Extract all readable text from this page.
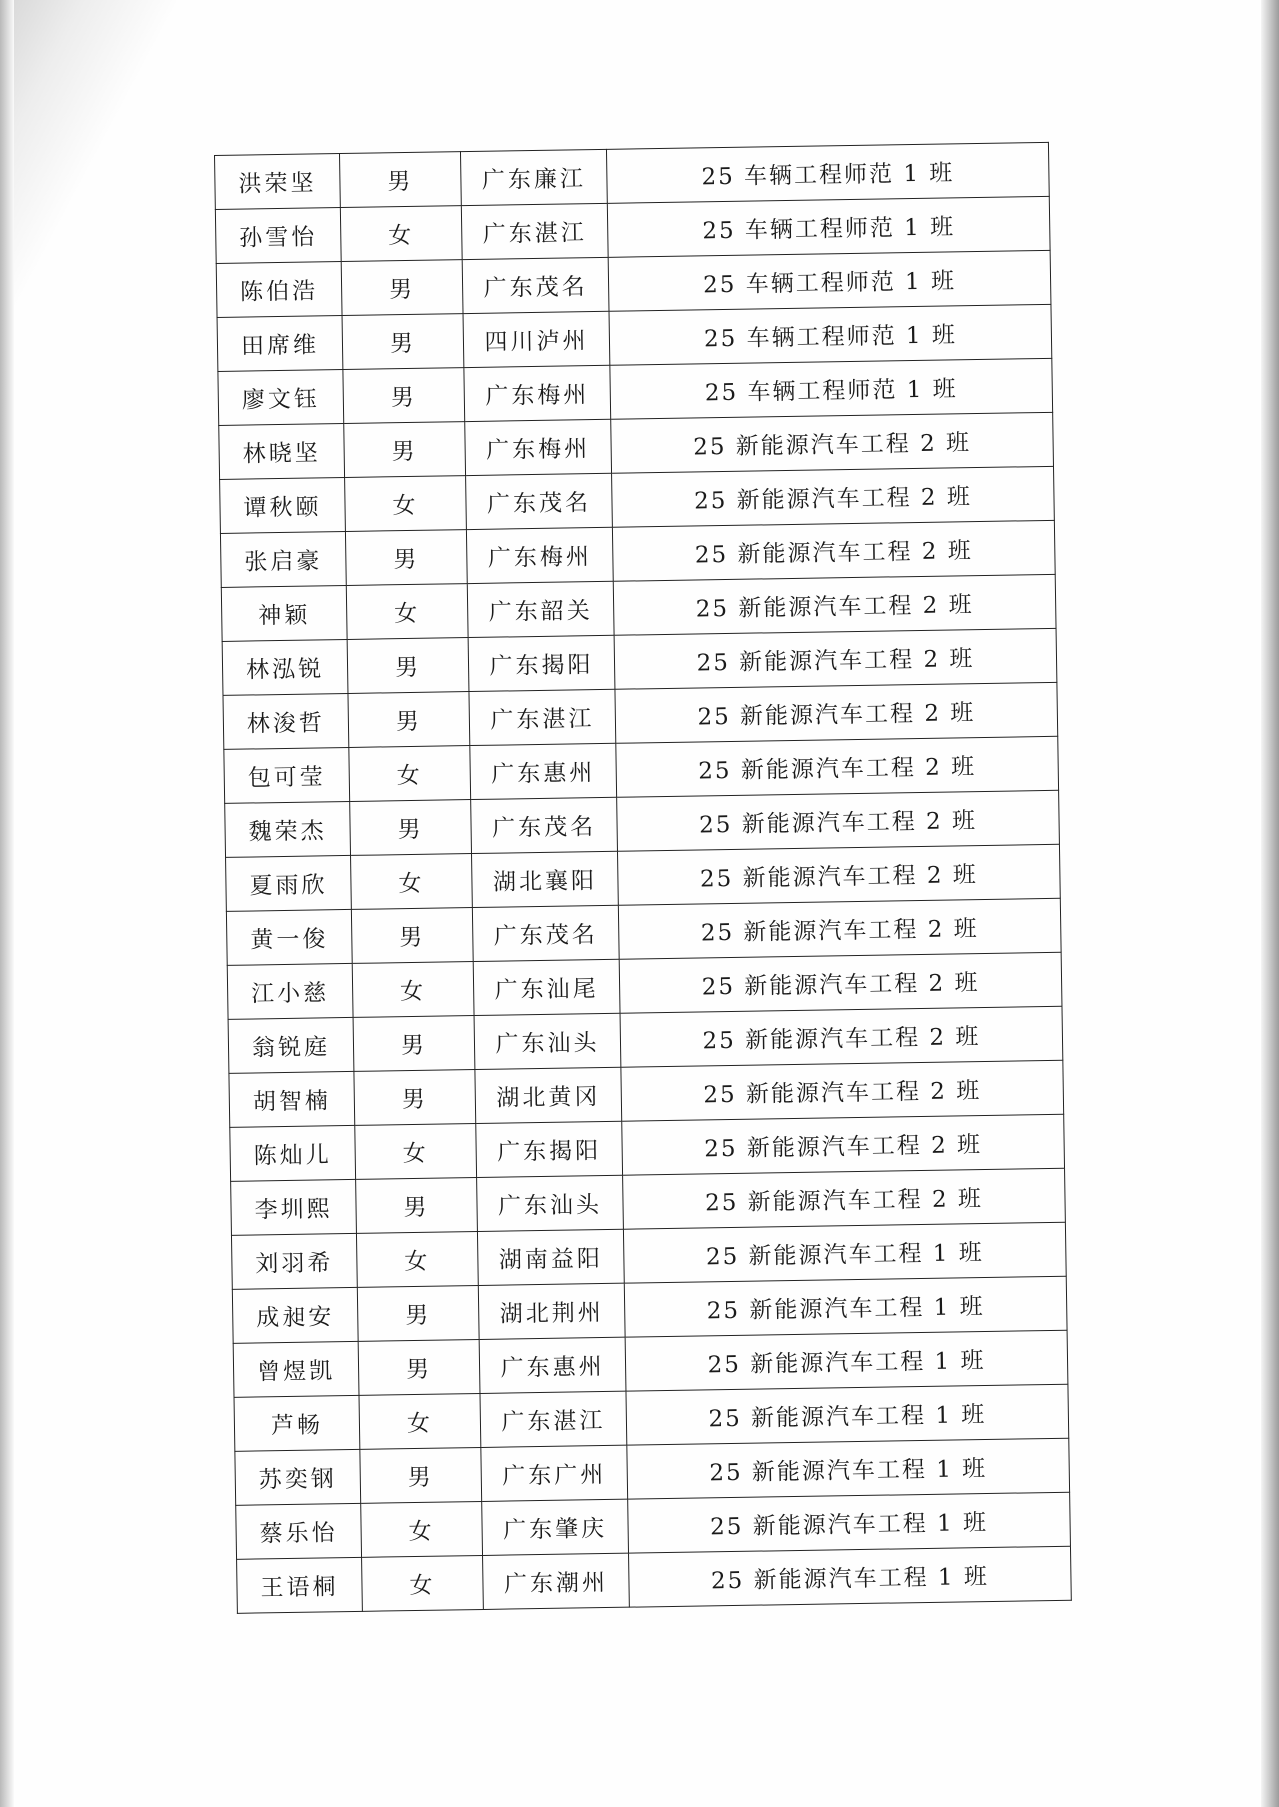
洪荣坚	男	广东廉江	25 车辆工程师范 1 班
孙雪怡	女	广东湛江	25 车辆工程师范 1 班
陈伯浩	男	广东茂名	25 车辆工程师范 1 班
田席维	男	四川泸州	25 车辆工程师范 1 班
廖文钰	男	广东梅州	25 车辆工程师范 1 班
林晓坚	男	广东梅州	25 新能源汽车工程 2 班
谭秋颐	女	广东茂名	25 新能源汽车工程 2 班
张启豪	男	广东梅州	25 新能源汽车工程 2 班
神颖	女	广东韶关	25 新能源汽车工程 2 班
林泓锐	男	广东揭阳	25 新能源汽车工程 2 班
林浚哲	男	广东湛江	25 新能源汽车工程 2 班
包可莹	女	广东惠州	25 新能源汽车工程 2 班
魏荣杰	男	广东茂名	25 新能源汽车工程 2 班
夏雨欣	女	湖北襄阳	25 新能源汽车工程 2 班
黄一俊	男	广东茂名	25 新能源汽车工程 2 班
江小慈	女	广东汕尾	25 新能源汽车工程 2 班
翁锐庭	男	广东汕头	25 新能源汽车工程 2 班
胡智楠	男	湖北黄冈	25 新能源汽车工程 2 班
陈灿儿	女	广东揭阳	25 新能源汽车工程 2 班
李圳熙	男	广东汕头	25 新能源汽车工程 2 班
刘羽希	女	湖南益阳	25 新能源汽车工程 1 班
成昶安	男	湖北荆州	25 新能源汽车工程 1 班
曾煜凯	男	广东惠州	25 新能源汽车工程 1 班
芦畅	女	广东湛江	25 新能源汽车工程 1 班
苏奕钢	男	广东广州	25 新能源汽车工程 1 班
蔡乐怡	女	广东肇庆	25 新能源汽车工程 1 班
王语桐	女	广东潮州	25 新能源汽车工程 1 班
